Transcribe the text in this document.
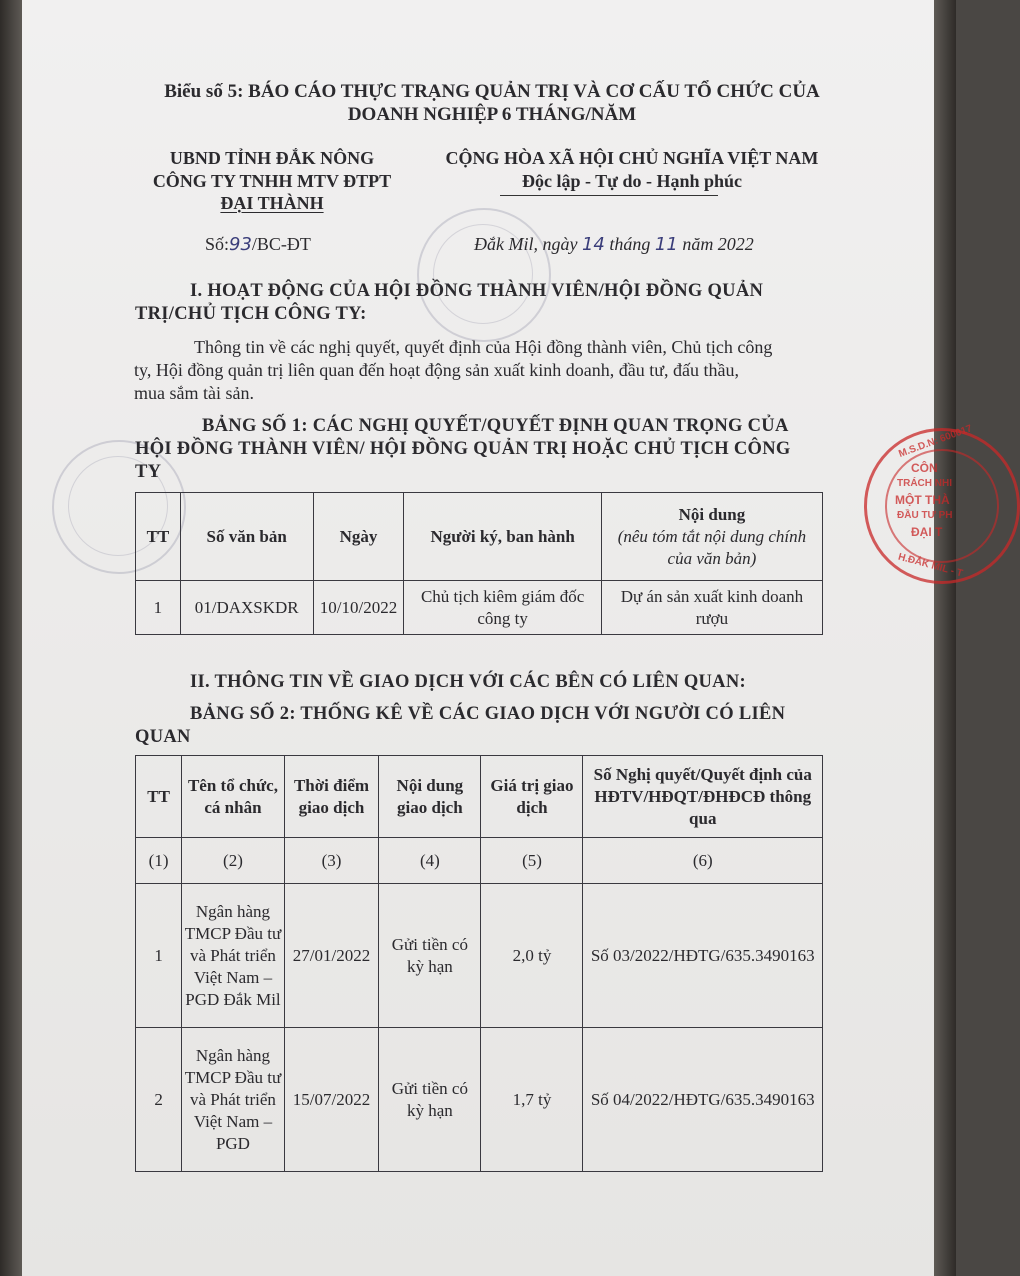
Biểu số 5: BÁO CÁO THỰC TRẠNG QUẢN TRỊ VÀ CƠ CẤU TỔ CHỨC CỦA
DOANH NGHIỆP 6 THÁNG/NĂM
UBND TỈNH ĐẮK NÔNG
CÔNG TY TNHH MTV ĐTPT
ĐẠI THÀNH
CỘNG HÒA XÃ HỘI CHỦ NGHĨA VIỆT NAM
Độc lập - Tự do - Hạnh phúc
Số:93/BC-ĐT	Đắk Mil, ngày 14 tháng 11 năm 2022
I. HOẠT ĐỘNG CỦA HỘI ĐỒNG THÀNH VIÊN/HỘI ĐỒNG QUẢN
TRỊ/CHỦ TỊCH CÔNG TY:
Thông tin về các nghị quyết, quyết định của Hội đồng thành viên, Chủ tịch công
ty, Hội đồng quản trị liên quan đến hoạt động sản xuất kinh doanh, đầu tư, đấu thầu,
mua sắm tài sản.
BẢNG SỐ 1: CÁC NGHỊ QUYẾT/QUYẾT ĐỊNH QUAN TRỌNG CỦA
HỘI ĐỒNG THÀNH VIÊN/ HỘI ĐỒNG QUẢN TRỊ HOẶC CHỦ TỊCH CÔNG
TY
TT	Số văn bản	Ngày	Người ký, ban hành	Nội dung
(nêu tóm tắt nội dung chính của văn bản)

1	01/DAXSKDR	10/10/2022	Chủ tịch kiêm giám đốc công ty	Dự án sản xuất kinh doanh rượu
II. THÔNG TIN VỀ GIAO DỊCH VỚI CÁC BÊN CÓ LIÊN QUAN:
BẢNG SỐ 2: THỐNG KÊ VỀ CÁC GIAO DỊCH VỚI NGƯỜI CÓ LIÊN
QUAN
TT	Tên tổ chức, cá nhân	Thời điểm giao dịch	Nội dung giao dịch	Giá trị giao dịch	Số Nghị quyết/Quyết định của HĐTV/HĐQT/ĐHĐCĐ thông qua
(1)	(2)	(3)	(4)	(5)	(6)
1	Ngân hàng TMCP Đầu tư và Phát triển Việt Nam – PGD Đắk Mil	27/01/2022	Gửi tiền có kỳ hạn	2,0 tỷ	Số 03/2022/HĐTG/635.3490163
2	Ngân hàng TMCP Đầu tư và Phát triển Việt Nam – PGD	15/07/2022	Gửi tiền có kỳ hạn	1,7 tỷ	Số 04/2022/HĐTG/635.3490163
M.S.D.N: 600017
CÔN
TRÁCH NHI
MỘT THÀ
ĐẦU TƯ PH
ĐẠI T
H.ĐẮK MIL - T
